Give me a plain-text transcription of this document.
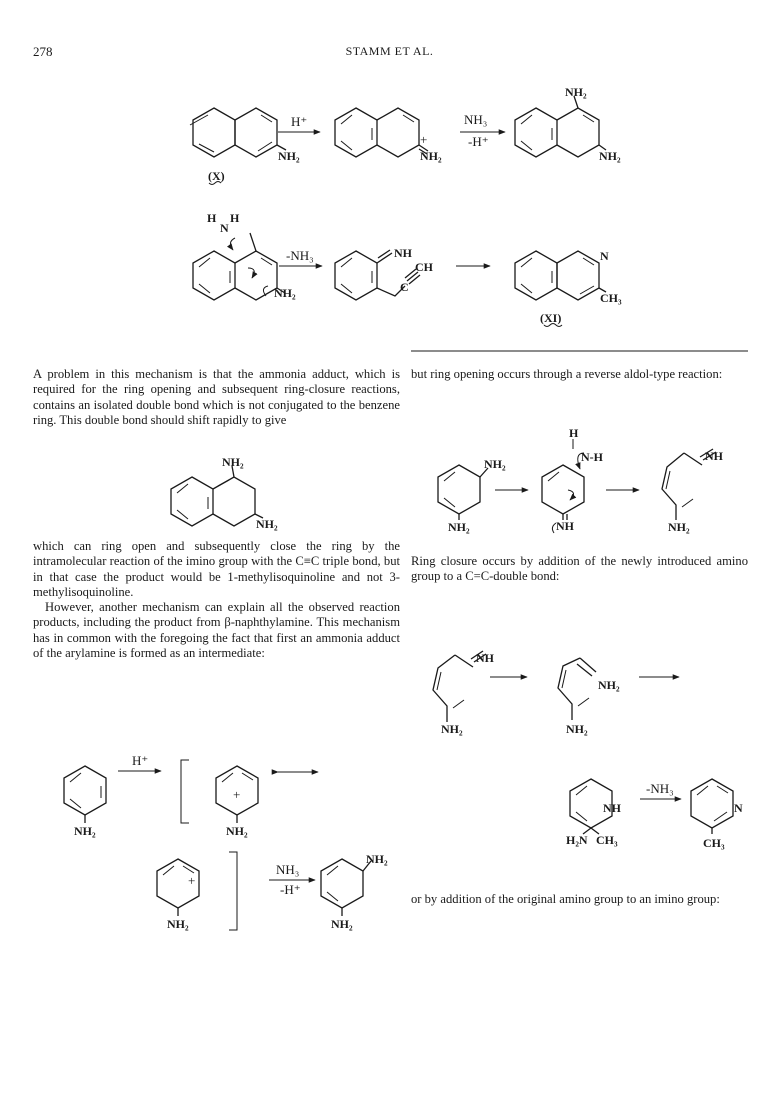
278	STAMM ET AL.
NH₂
(X)
H⁺
+
NH₂
NH₃
-H⁺
NH₂
NH₂
H H
N
NH₂
-NH₃	NH
C
CH
N
CH₃
(XI)
NH₂
NH₂
NH₂
NH₂
H
N-H
NH
NH
NH₂
NH
NH₂
NH₂
NH₂
NH
H₂N CH₃
-NH₃
N
CH₃
NH₂
H⁺
+
NH₂
+
NH₂
NH₃
-H⁺
NH₂
NH₂

A problem in this mechanism is that the ammonia adduct, which is required for the ring opening and subsequent ring-closure reactions, contains an isolated double bond which is not conjugated to the benzene ring. This double bond should shift rapidly to give

which can ring open and subsequently close the ring by the intramolecular reaction of the imino group with the C≡C triple bond, but in that case the product would be 1-methylisoquinoline and not 3-methylisoquinoline.

However, another mechanism can explain all the observed reaction products, including the product from β-naphthylamine. This mechanism has in common with the foregoing the fact that first an ammonia adduct of the arylamine is formed as an intermediate:

but ring opening occurs through a reverse aldol-type reaction:

Ring closure occurs by addition of the newly introduced amino group to a C=C-double bond:

or by addition of the original amino group to an imino group:
